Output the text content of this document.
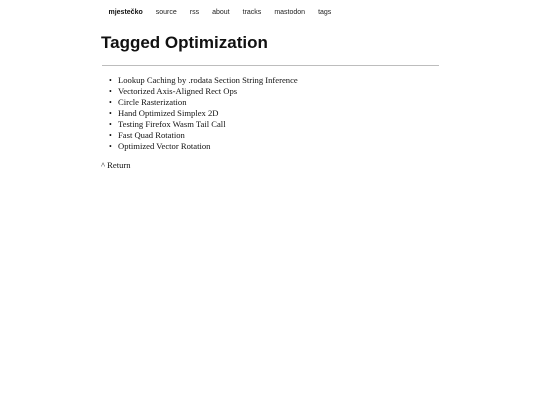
mjestečko	source	rss	about	tracks	mastodon	tags
Tagged Optimization
• Lookup Caching by .rodata Section String Inference
• Vectorized Axis-Aligned Rect Ops
• Circle Rasterization
• Hand Optimized Simplex 2D
• Testing Firefox Wasm Tail Call
• Fast Quad Rotation
• Optimized Vector Rotation
^ Return
